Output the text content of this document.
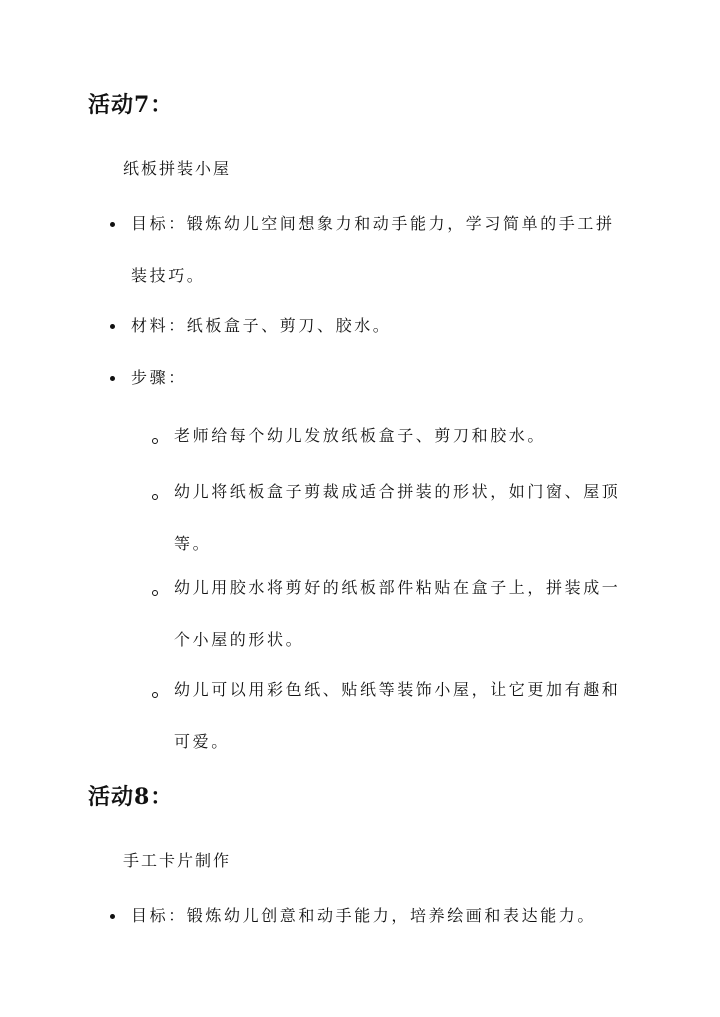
活动7：
纸板拼装小屋
目标：锻炼幼儿空间想象力和动手能力，学习简单的手工拼装技巧。
材料：纸板盒子、剪刀、胶水。
步骤：
老师给每个幼儿发放纸板盒子、剪刀和胶水。
幼儿将纸板盒子剪裁成适合拼装的形状，如门窗、屋顶等。
幼儿用胶水将剪好的纸板部件粘贴在盒子上，拼装成一个小屋的形状。
幼儿可以用彩色纸、贴纸等装饰小屋，让它更加有趣和可爱。
活动8：
手工卡片制作
目标：锻炼幼儿创意和动手能力，培养绘画和表达能力。
